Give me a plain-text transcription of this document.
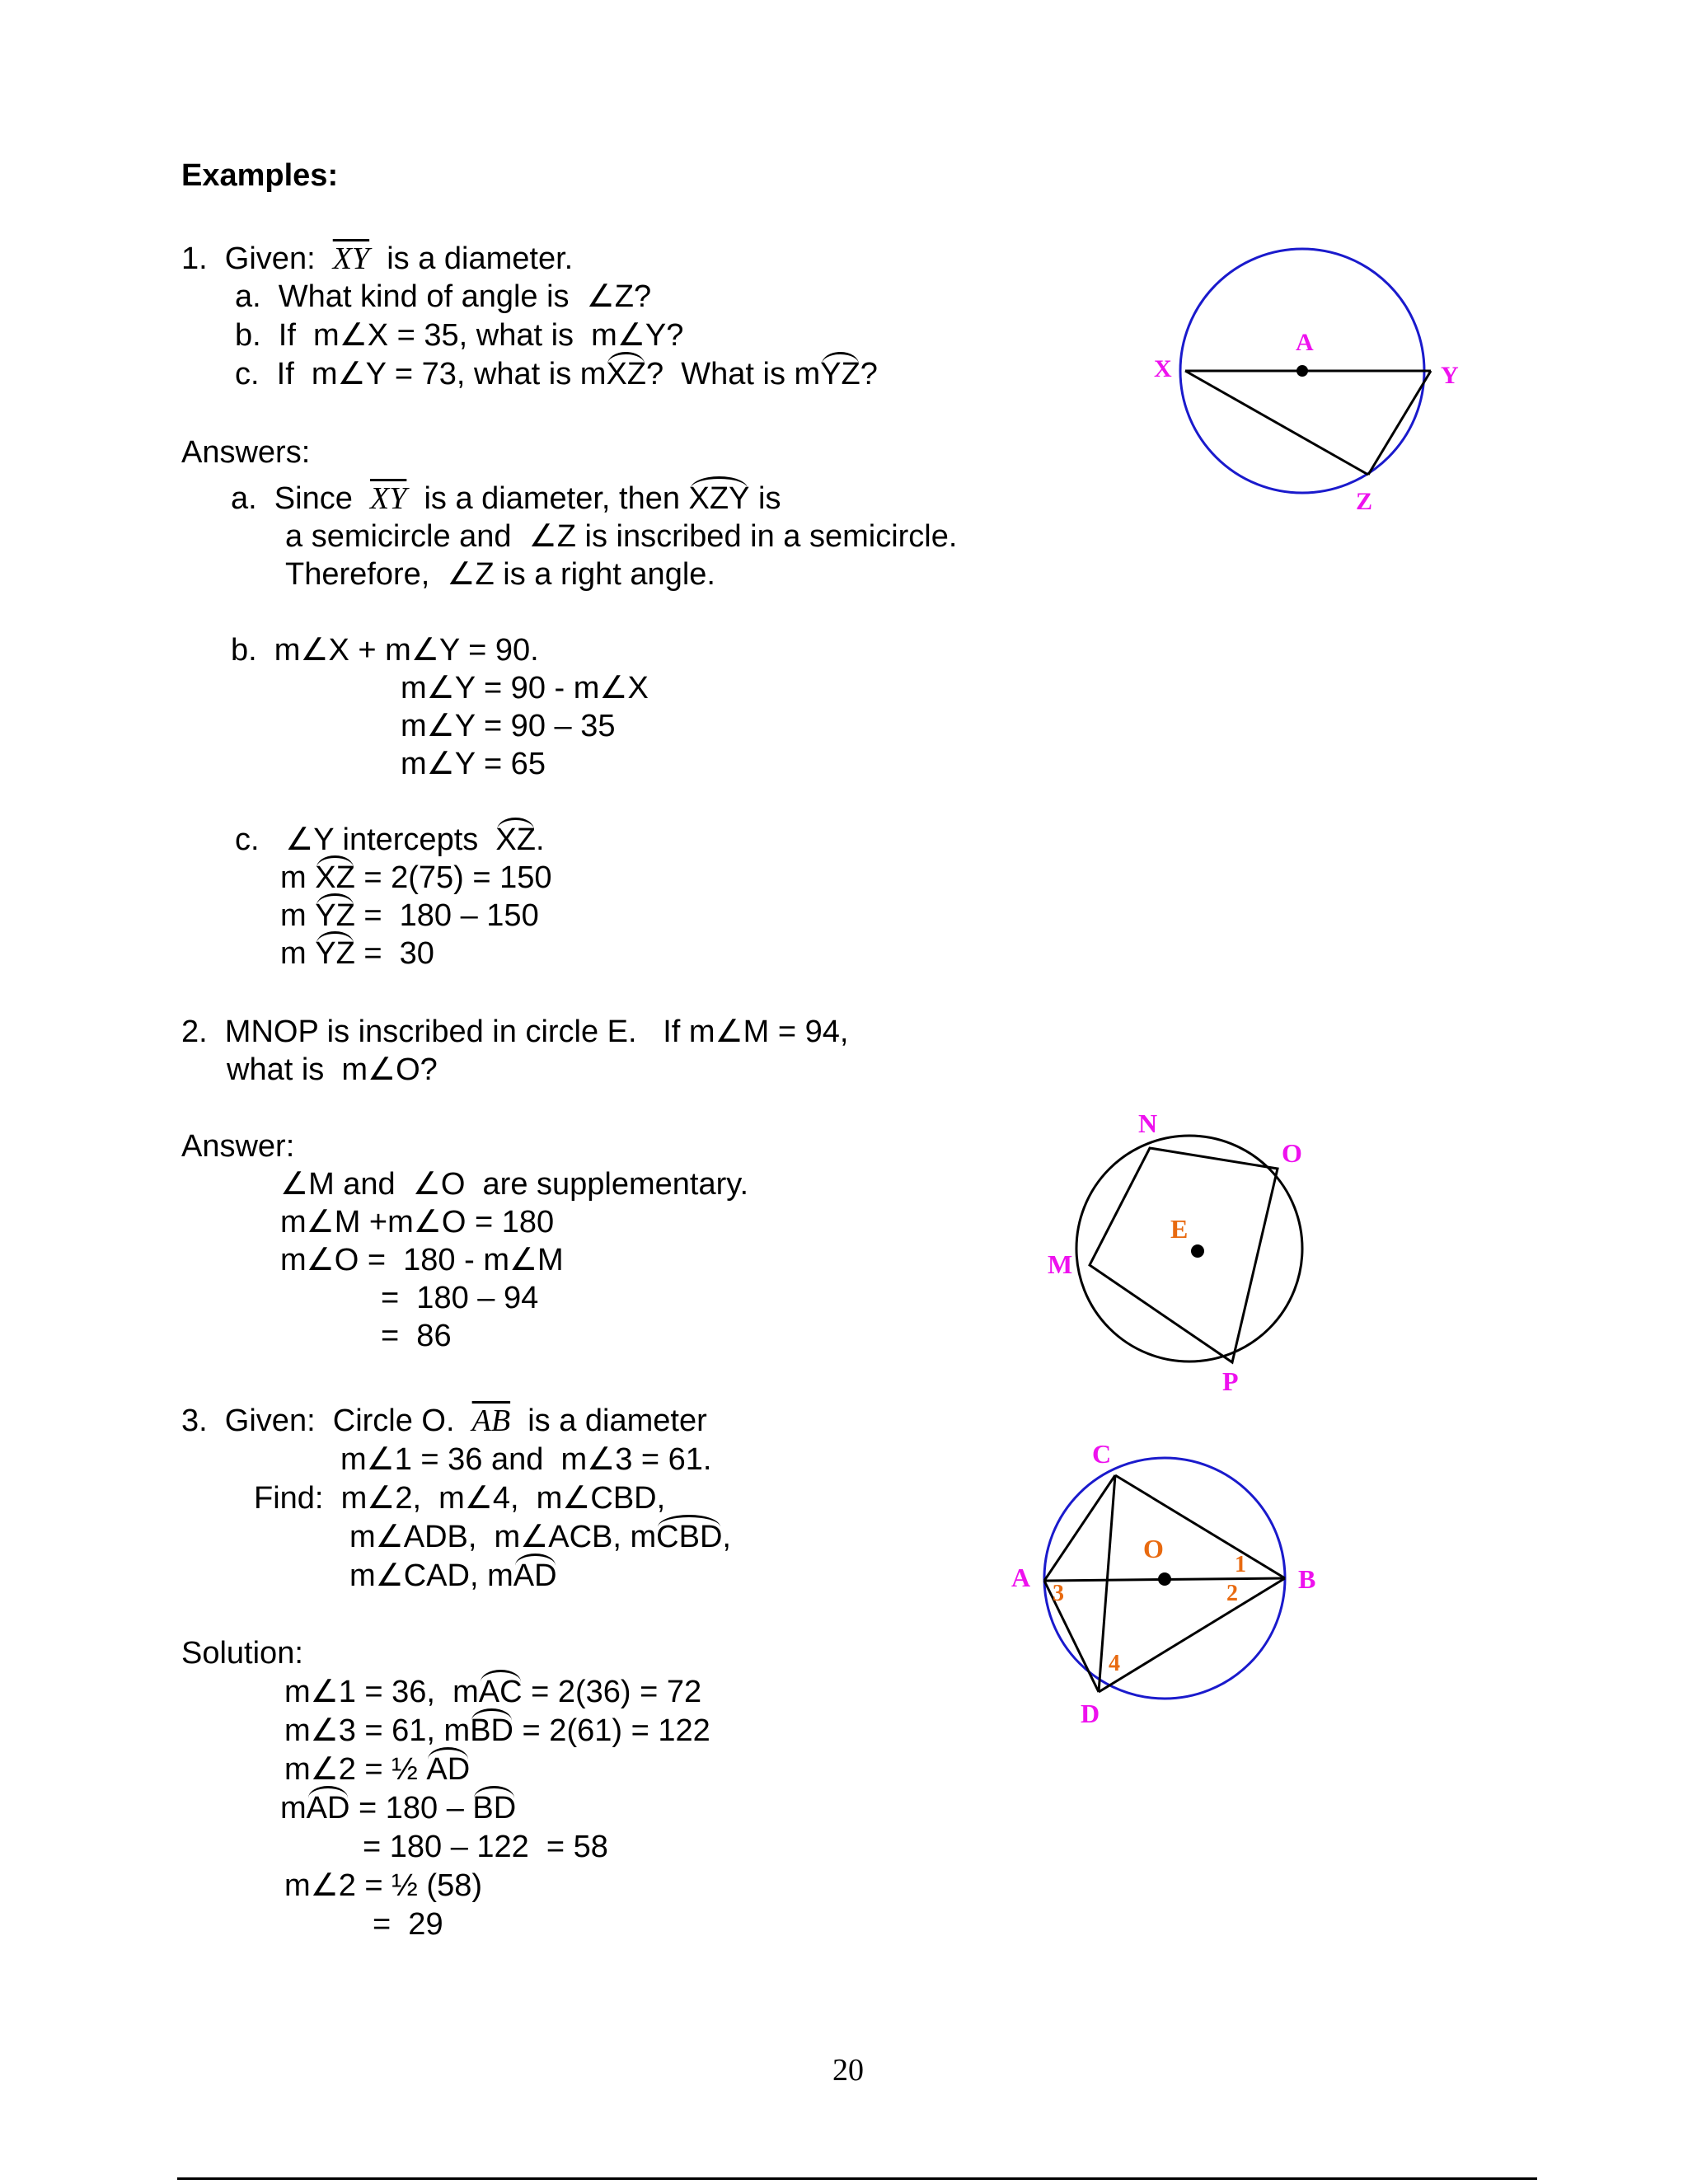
Examples:
1.  Given:  $\overline{XY}$  is a diameter.
a.  What kind of angle is  ∠Z?
b.  If  m∠X = 35, what is  m∠Y?
c.  If  m∠Y = 73, what is mXZ?  What is mYZ?
Answers:
a.  Since  $\overline{XY}$  is a diameter, then XZY is
a semicircle and  ∠Z is inscribed in a semicircle.
Therefore,  ∠Z is a right angle.
b.  m∠X + m∠Y = 90.
m∠Y = 90 - m∠X
m∠Y = 90 – 35
m∠Y = 65
c.   ∠Y intercepts  XZ.
m XZ = 2(75) = 150
m YZ =  180 – 150
m YZ =  30
2.  MNOP is inscribed in circle E.   If m∠M = 94,
what is  m∠O?
Answer:
∠M and  ∠O  are supplementary.
m∠M +m∠O = 180
m∠O =  180 - m∠M
=  180 – 94
=  86
3.  Given:  Circle O.  $\overline{AB}$  is a diameter
m∠1 = 36 and  m∠3 = 61.
Find:  m∠2,  m∠4,  m∠CBD,
m∠ADB,  m∠ACB, mCBD,
m∠CAD, mAD
Solution:
m∠1 = 36,  mAC = 2(36) = 72
m∠3 = 61, mBD = 2(61) = 122
m∠2 = ½ AD
mAD = 180 – BD
= 180 – 122  = 58
m∠2 = ½ (58)
=  29
A
X	Y
Z
N
O
E
M
P
C
O
A	B
D
1
2
3
4
20
